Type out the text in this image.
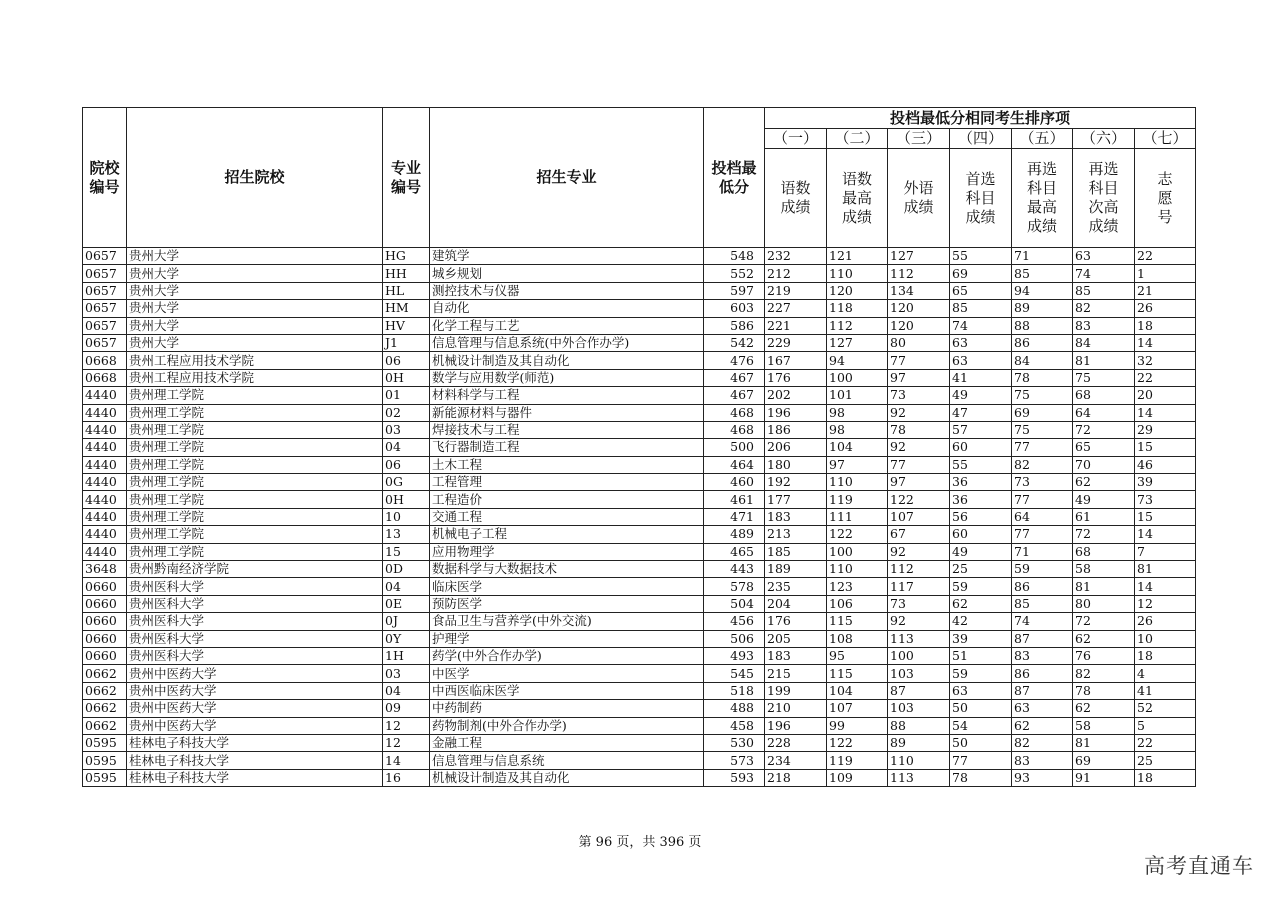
院校编号	招生院校	专业编号	招生专业	投档最低分	投档最低分相同考生排序项						
					（一）	（二）	（三）	（四）	（五）	（六）	（七）
					语数成绩	语数最高成绩	外语成绩	首选科目成绩	再选科目最高成绩	再选科目次高成绩	志愿号
0657	贵州大学	HG	建筑学	548	232	121	127	55	71	63	22
0657	贵州大学	HH	城乡规划	552	212	110	112	69	85	74	1
0657	贵州大学	HL	测控技术与仪器	597	219	120	134	65	94	85	21
0657	贵州大学	HM	自动化	603	227	118	120	85	89	82	26
0657	贵州大学	HV	化学工程与工艺	586	221	112	120	74	88	83	18
0657	贵州大学	J1	信息管理与信息系统(中外合作办学)	542	229	127	80	63	86	84	14
0668	贵州工程应用技术学院	06	机械设计制造及其自动化	476	167	94	77	63	84	81	32
0668	贵州工程应用技术学院	0H	数学与应用数学(师范)	467	176	100	97	41	78	75	22
4440	贵州理工学院	01	材料科学与工程	467	202	101	73	49	75	68	20
4440	贵州理工学院	02	新能源材料与器件	468	196	98	92	47	69	64	14
4440	贵州理工学院	03	焊接技术与工程	468	186	98	78	57	75	72	29
4440	贵州理工学院	04	飞行器制造工程	500	206	104	92	60	77	65	15
4440	贵州理工学院	06	土木工程	464	180	97	77	55	82	70	46
4440	贵州理工学院	0G	工程管理	460	192	110	97	36	73	62	39
4440	贵州理工学院	0H	工程造价	461	177	119	122	36	77	49	73
4440	贵州理工学院	10	交通工程	471	183	111	107	56	64	61	15
4440	贵州理工学院	13	机械电子工程	489	213	122	67	60	77	72	14
4440	贵州理工学院	15	应用物理学	465	185	100	92	49	71	68	7
3648	贵州黔南经济学院	0D	数据科学与大数据技术	443	189	110	112	25	59	58	81
0660	贵州医科大学	04	临床医学	578	235	123	117	59	86	81	14
0660	贵州医科大学	0E	预防医学	504	204	106	73	62	85	80	12
0660	贵州医科大学	0J	食品卫生与营养学(中外交流)	456	176	115	92	42	74	72	26
0660	贵州医科大学	0Y	护理学	506	205	108	113	39	87	62	10
0660	贵州医科大学	1H	药学(中外合作办学)	493	183	95	100	51	83	76	18
0662	贵州中医药大学	03	中医学	545	215	115	103	59	86	82	4
0662	贵州中医药大学	04	中西医临床医学	518	199	104	87	63	87	78	41
0662	贵州中医药大学	09	中药制药	488	210	107	103	50	63	62	52
0662	贵州中医药大学	12	药物制剂(中外合作办学)	458	196	99	88	54	62	58	5
0595	桂林电子科技大学	12	金融工程	530	228	122	89	50	82	81	22
0595	桂林电子科技大学	14	信息管理与信息系统	573	234	119	110	77	83	69	25
0595	桂林电子科技大学	16	机械设计制造及其自动化	593	218	109	113	78	93	91	18
第 96 页，共 396 页
高考直通车
